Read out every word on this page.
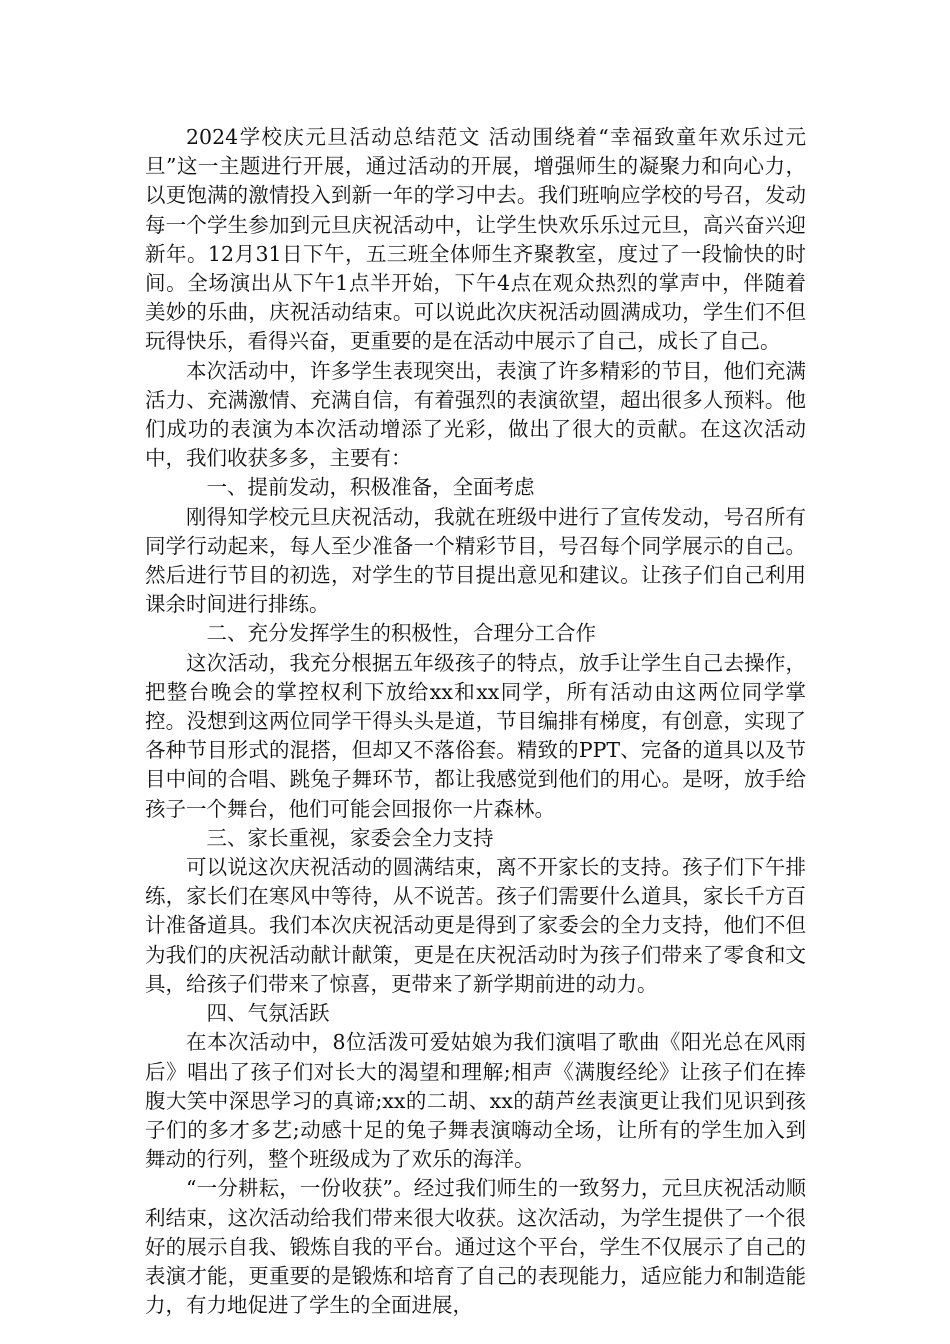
2024学校庆元旦活动总结范文 活动围绕着“幸福致童年欢乐过元旦”这一主题进行开展，通过活动的开展，增强师生的凝聚力和向心力，以更饱满的激情投入到新一年的学习中去。我们班响应学校的号召，发动每一个学生参加到元旦庆祝活动中，让学生快欢乐乐过元旦，高兴奋兴迎新年。12月31日下午，五三班全体师生齐聚教室，度过了一段愉快的时间。全场演出从下午1点半开始，下午4点在观众热烈的掌声中，伴随着美妙的乐曲，庆祝活动结束。可以说此次庆祝活动圆满成功，学生们不但玩得快乐，看得兴奋，更重要的是在活动中展示了自己，成长了自己。

本次活动中，许多学生表现突出，表演了许多精彩的节目，他们充满活力、充满激情、充满自信，有着强烈的表演欲望，超出很多人预料。他们成功的表演为本次活动增添了光彩，做出了很大的贡献。在这次活动中，我们收获多多，主要有：

一、提前发动，积极准备，全面考虑

刚得知学校元旦庆祝活动，我就在班级中进行了宣传发动，号召所有同学行动起来，每人至少准备一个精彩节目，号召每个同学展示的自己。然后进行节目的初选，对学生的节目提出意见和建议。让孩子们自己利用课余时间进行排练。

二、充分发挥学生的积极性，合理分工合作

这次活动，我充分根据五年级孩子的特点，放手让学生自己去操作，把整台晚会的掌控权利下放给xx和xx同学，所有活动由这两位同学掌控。没想到这两位同学干得头头是道，节目编排有梯度，有创意，实现了各种节目形式的混搭，但却又不落俗套。精致的PPT、完备的道具以及节目中间的合唱、跳兔子舞环节，都让我感觉到他们的用心。是呀，放手给孩子一个舞台，他们可能会回报你一片森林。

三、家长重视，家委会全力支持

可以说这次庆祝活动的圆满结束，离不开家长的支持。孩子们下午排练，家长们在寒风中等待，从不说苦。孩子们需要什么道具，家长千方百计准备道具。我们本次庆祝活动更是得到了家委会的全力支持，他们不但为我们的庆祝活动献计献策，更是在庆祝活动时为孩子们带来了零食和文具，给孩子们带来了惊喜，更带来了新学期前进的动力。

四、气氛活跃

在本次活动中，8位活泼可爱姑娘为我们演唱了歌曲《阳光总在风雨后》唱出了孩子们对长大的渴望和理解;相声《满腹经纶》让孩子们在捧腹大笑中深思学习的真谛;xx的二胡、xx的葫芦丝表演更让我们见识到孩子们的多才多艺;动感十足的兔子舞表演嗨动全场，让所有的学生加入到舞动的行列，整个班级成为了欢乐的海洋。

“一分耕耘，一份收获”。经过我们师生的一致努力，元旦庆祝活动顺利结束，这次活动给我们带来很大收获。这次活动，为学生提供了一个很好的展示自我、锻炼自我的平台。通过这个平台，学生不仅展示了自己的表演才能，更重要的是锻炼和培育了自己的表现能力，适应能力和制造能力，有力地促进了学生的全面进展，
